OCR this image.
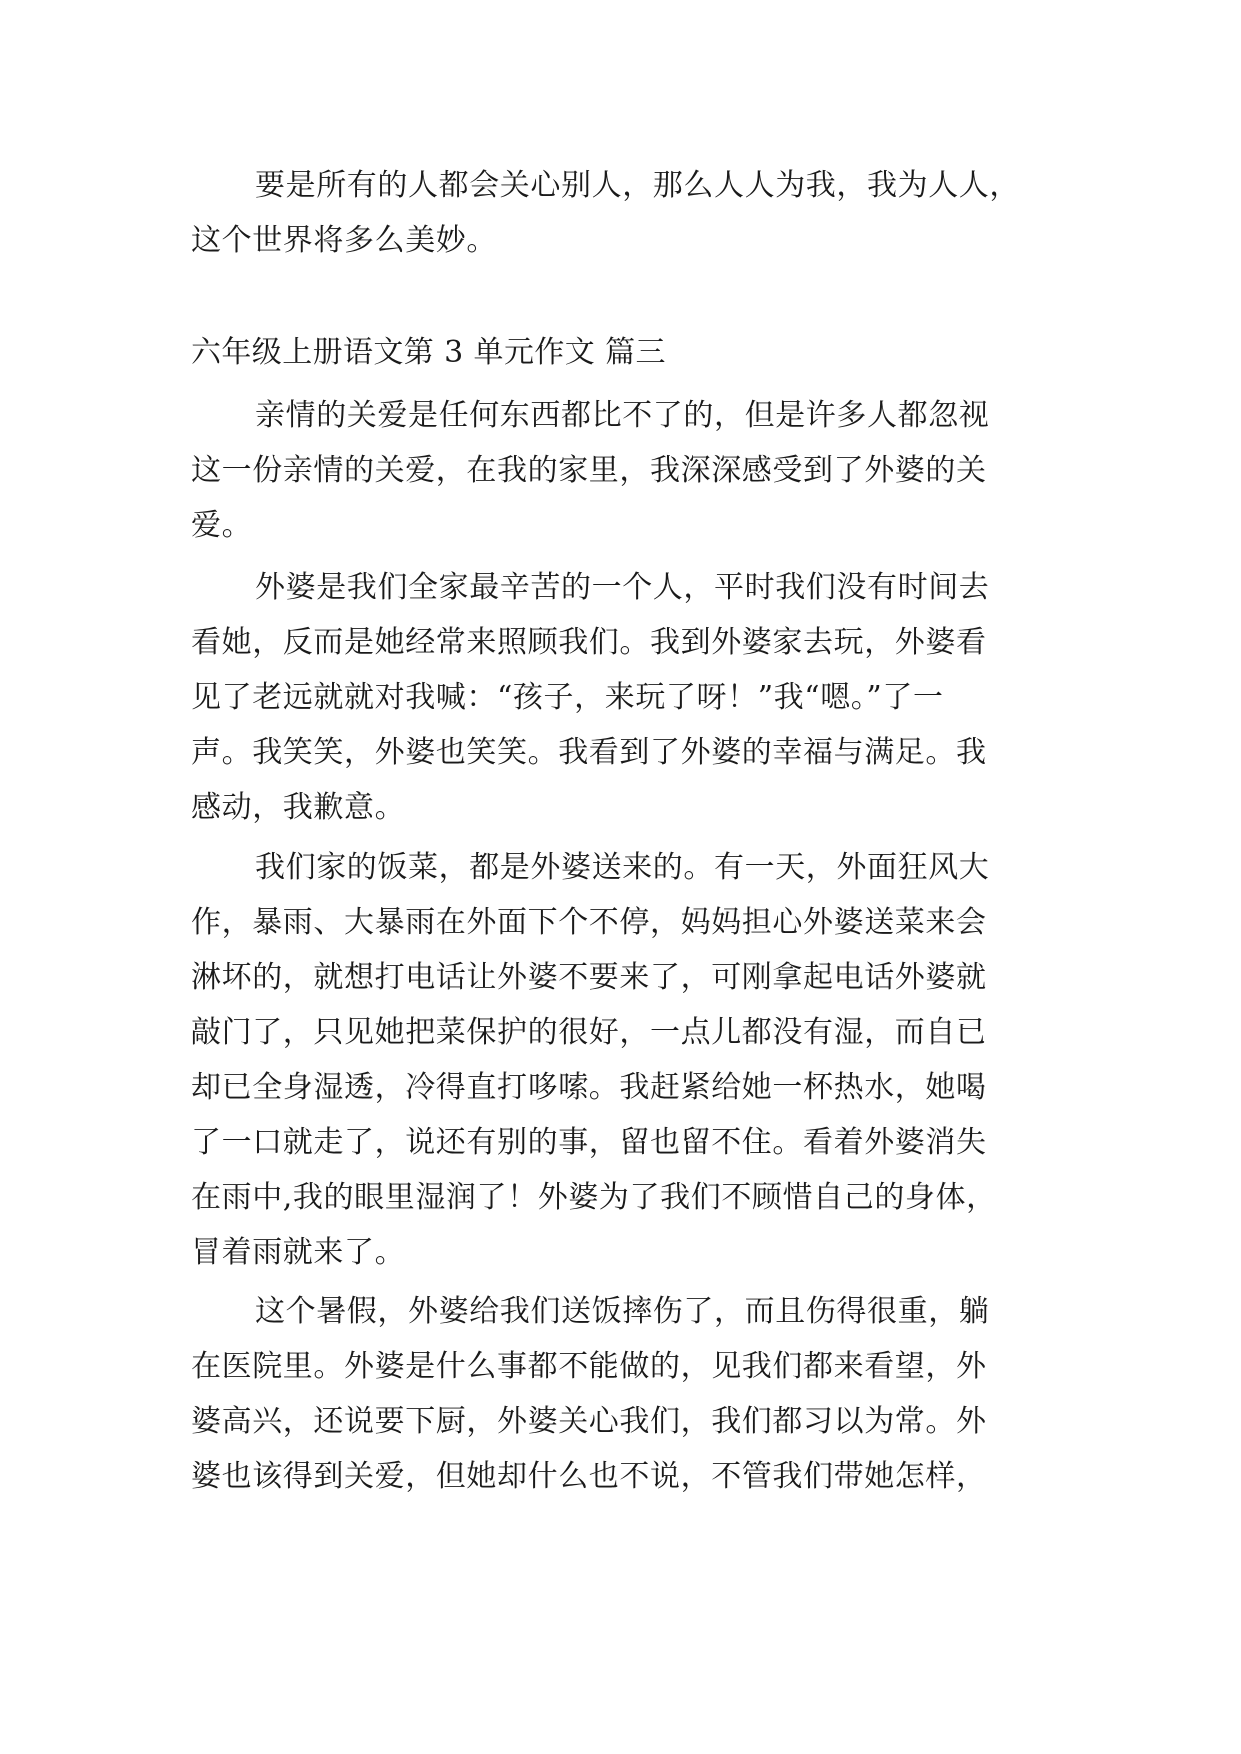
要是所有的人都会关心别人，那么人人为我，我为人人，
这个世界将多么美妙。
六年级上册语文第 3 单元作文 篇三
亲情的关爱是任何东西都比不了的，但是许多人都忽视
这一份亲情的关爱，在我的家里，我深深感受到了外婆的关
爱。
外婆是我们全家最辛苦的一个人，平时我们没有时间去
看她，反而是她经常来照顾我们。我到外婆家去玩，外婆看
见了老远就就对我喊：“孩子，来玩了呀！”我“嗯。”了一
声。我笑笑，外婆也笑笑。我看到了外婆的幸福与满足。我
感动，我歉意。
我们家的饭菜，都是外婆送来的。有一天，外面狂风大
作，暴雨、大暴雨在外面下个不停，妈妈担心外婆送菜来会
淋坏的，就想打电话让外婆不要来了，可刚拿起电话外婆就
敲门了，只见她把菜保护的很好，一点儿都没有湿，而自已
却已全身湿透，冷得直打哆嗦。我赶紧给她一杯热水，她喝
了一口就走了，说还有别的事，留也留不住。看着外婆消失
在雨中,我的眼里湿润了！外婆为了我们不顾惜自己的身体，
冒着雨就来了。
这个暑假，外婆给我们送饭摔伤了，而且伤得很重，躺
在医院里。外婆是什么事都不能做的，见我们都来看望，外
婆高兴，还说要下厨，外婆关心我们，我们都习以为常。外
婆也该得到关爱，但她却什么也不说，不管我们带她怎样，
